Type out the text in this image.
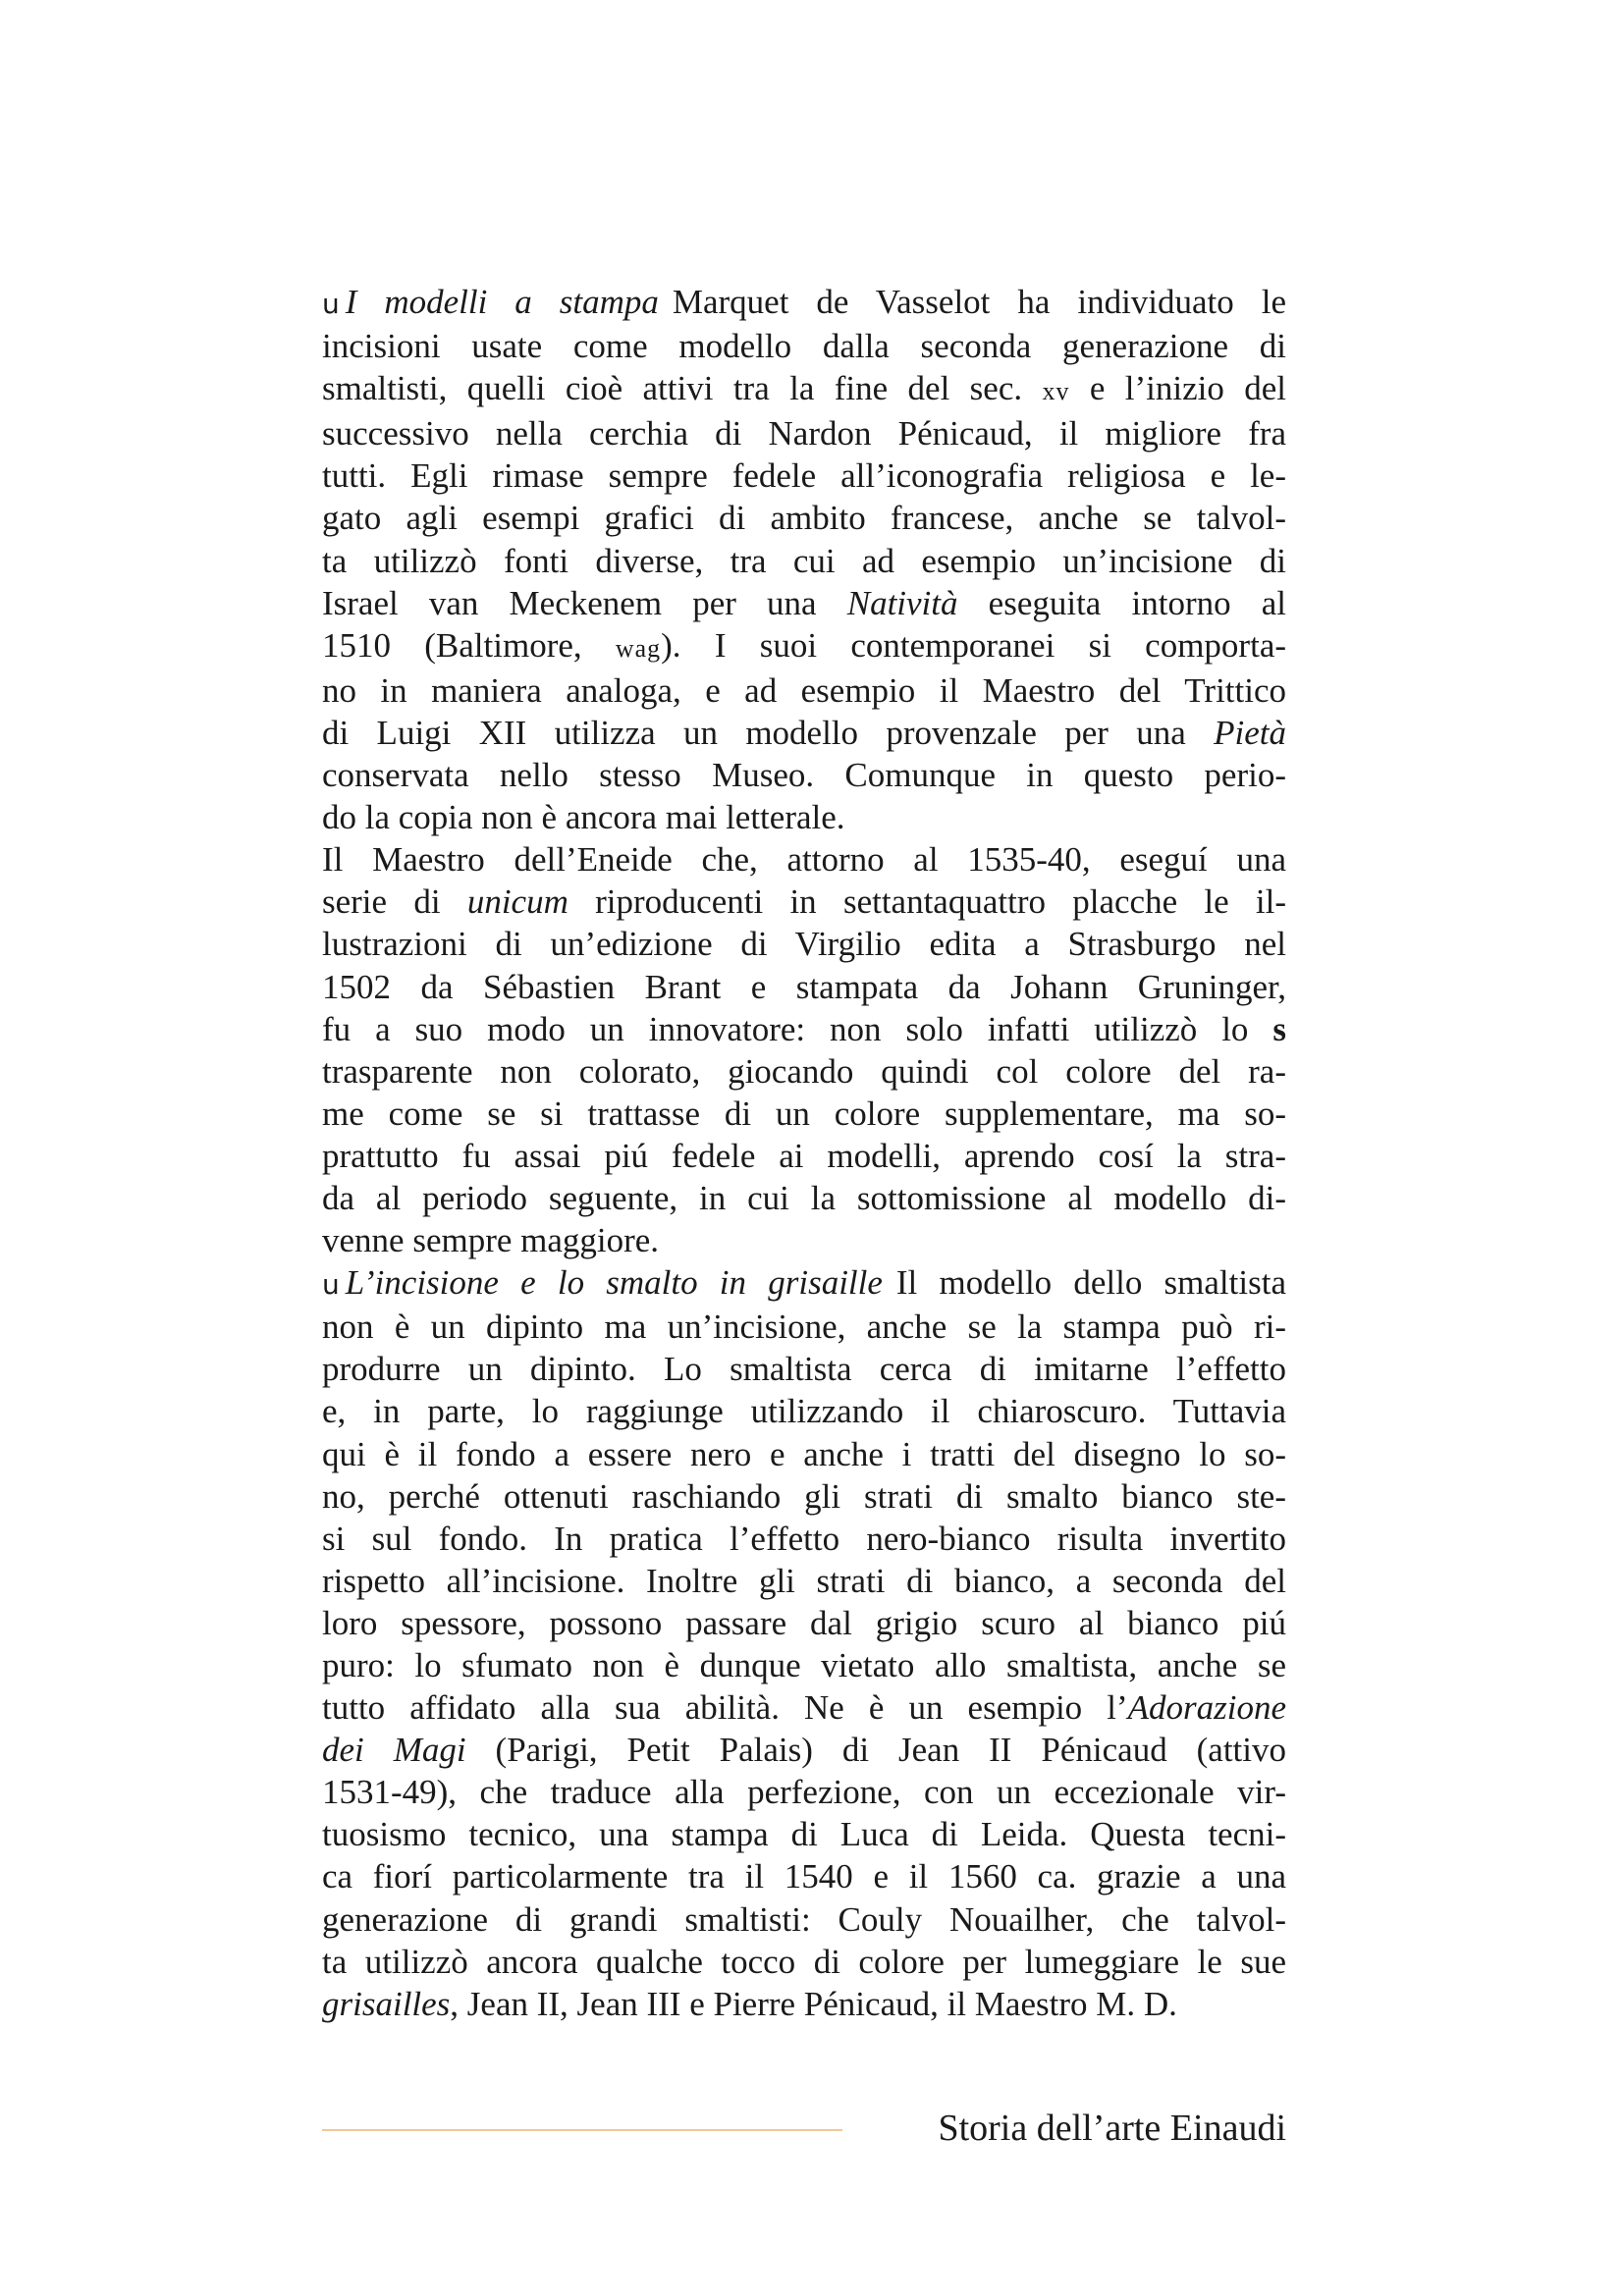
u I modelli a stampa Marquet de Vasselot ha individuato le
incisioni usate come modello dalla seconda generazione di
smaltisti, quelli cioè attivi tra la fine del sec. xv e l’inizio del
successivo nella cerchia di Nardon Pénicaud, il migliore fra
tutti. Egli rimase sempre fedele all’iconografia religiosa e le-
gato agli esempi grafici di ambito francese, anche se talvol-
ta utilizzò fonti diverse, tra cui ad esempio un’incisione di
Israel van Meckenem per una Natività eseguita intorno al
1510 (Baltimore, wag). I suoi contemporanei si comporta-
no in maniera analoga, e ad esempio il Maestro del Trittico
di Luigi XII utilizza un modello provenzale per una Pietà
conservata nello stesso Museo. Comunque in questo perio-
do la copia non è ancora mai letterale.

Il Maestro dell’Eneide che, attorno al 1535-40, eseguí una
serie di unicum riproducenti in settantaquattro placche le il-
lustrazioni di un’edizione di Virgilio edita a Strasburgo nel
1502 da Sébastien Brant e stampata da Johann Gruninger,
fu a suo modo un innovatore: non solo infatti utilizzò lo s
trasparente non colorato, giocando quindi col colore del ra-
me come se si trattasse di un colore supplementare, ma so-
prattutto fu assai piú fedele ai modelli, aprendo cosí la stra-
da al periodo seguente, in cui la sottomissione al modello di-
venne sempre maggiore.

u L’incisione e lo smalto in grisaille Il modello dello smaltista
non è un dipinto ma un’incisione, anche se la stampa può ri-
produrre un dipinto. Lo smaltista cerca di imitarne l’effetto
e, in parte, lo raggiunge utilizzando il chiaroscuro. Tuttavia
qui è il fondo a essere nero e anche i tratti del disegno lo so-
no, perché ottenuti raschiando gli strati di smalto bianco ste-
si sul fondo. In pratica l’effetto nero-bianco risulta invertito
rispetto all’incisione. Inoltre gli strati di bianco, a seconda del
loro spessore, possono passare dal grigio scuro al bianco piú
puro: lo sfumato non è dunque vietato allo smaltista, anche se
tutto affidato alla sua abilità. Ne è un esempio l’Adorazione
dei Magi (Parigi, Petit Palais) di Jean II Pénicaud (attivo
1531-49), che traduce alla perfezione, con un eccezionale vir-
tuosismo tecnico, una stampa di Luca di Leida. Questa tecni-
ca fiorí particolarmente tra il 1540 e il 1560 ca. grazie a una
generazione di grandi smaltisti: Couly Nouailher, che talvol-
ta utilizzò ancora qualche tocco di colore per lumeggiare le sue
grisailles, Jean II, Jean III e Pierre Pénicaud, il Maestro M. D.

Storia dell’arte Einaudi
